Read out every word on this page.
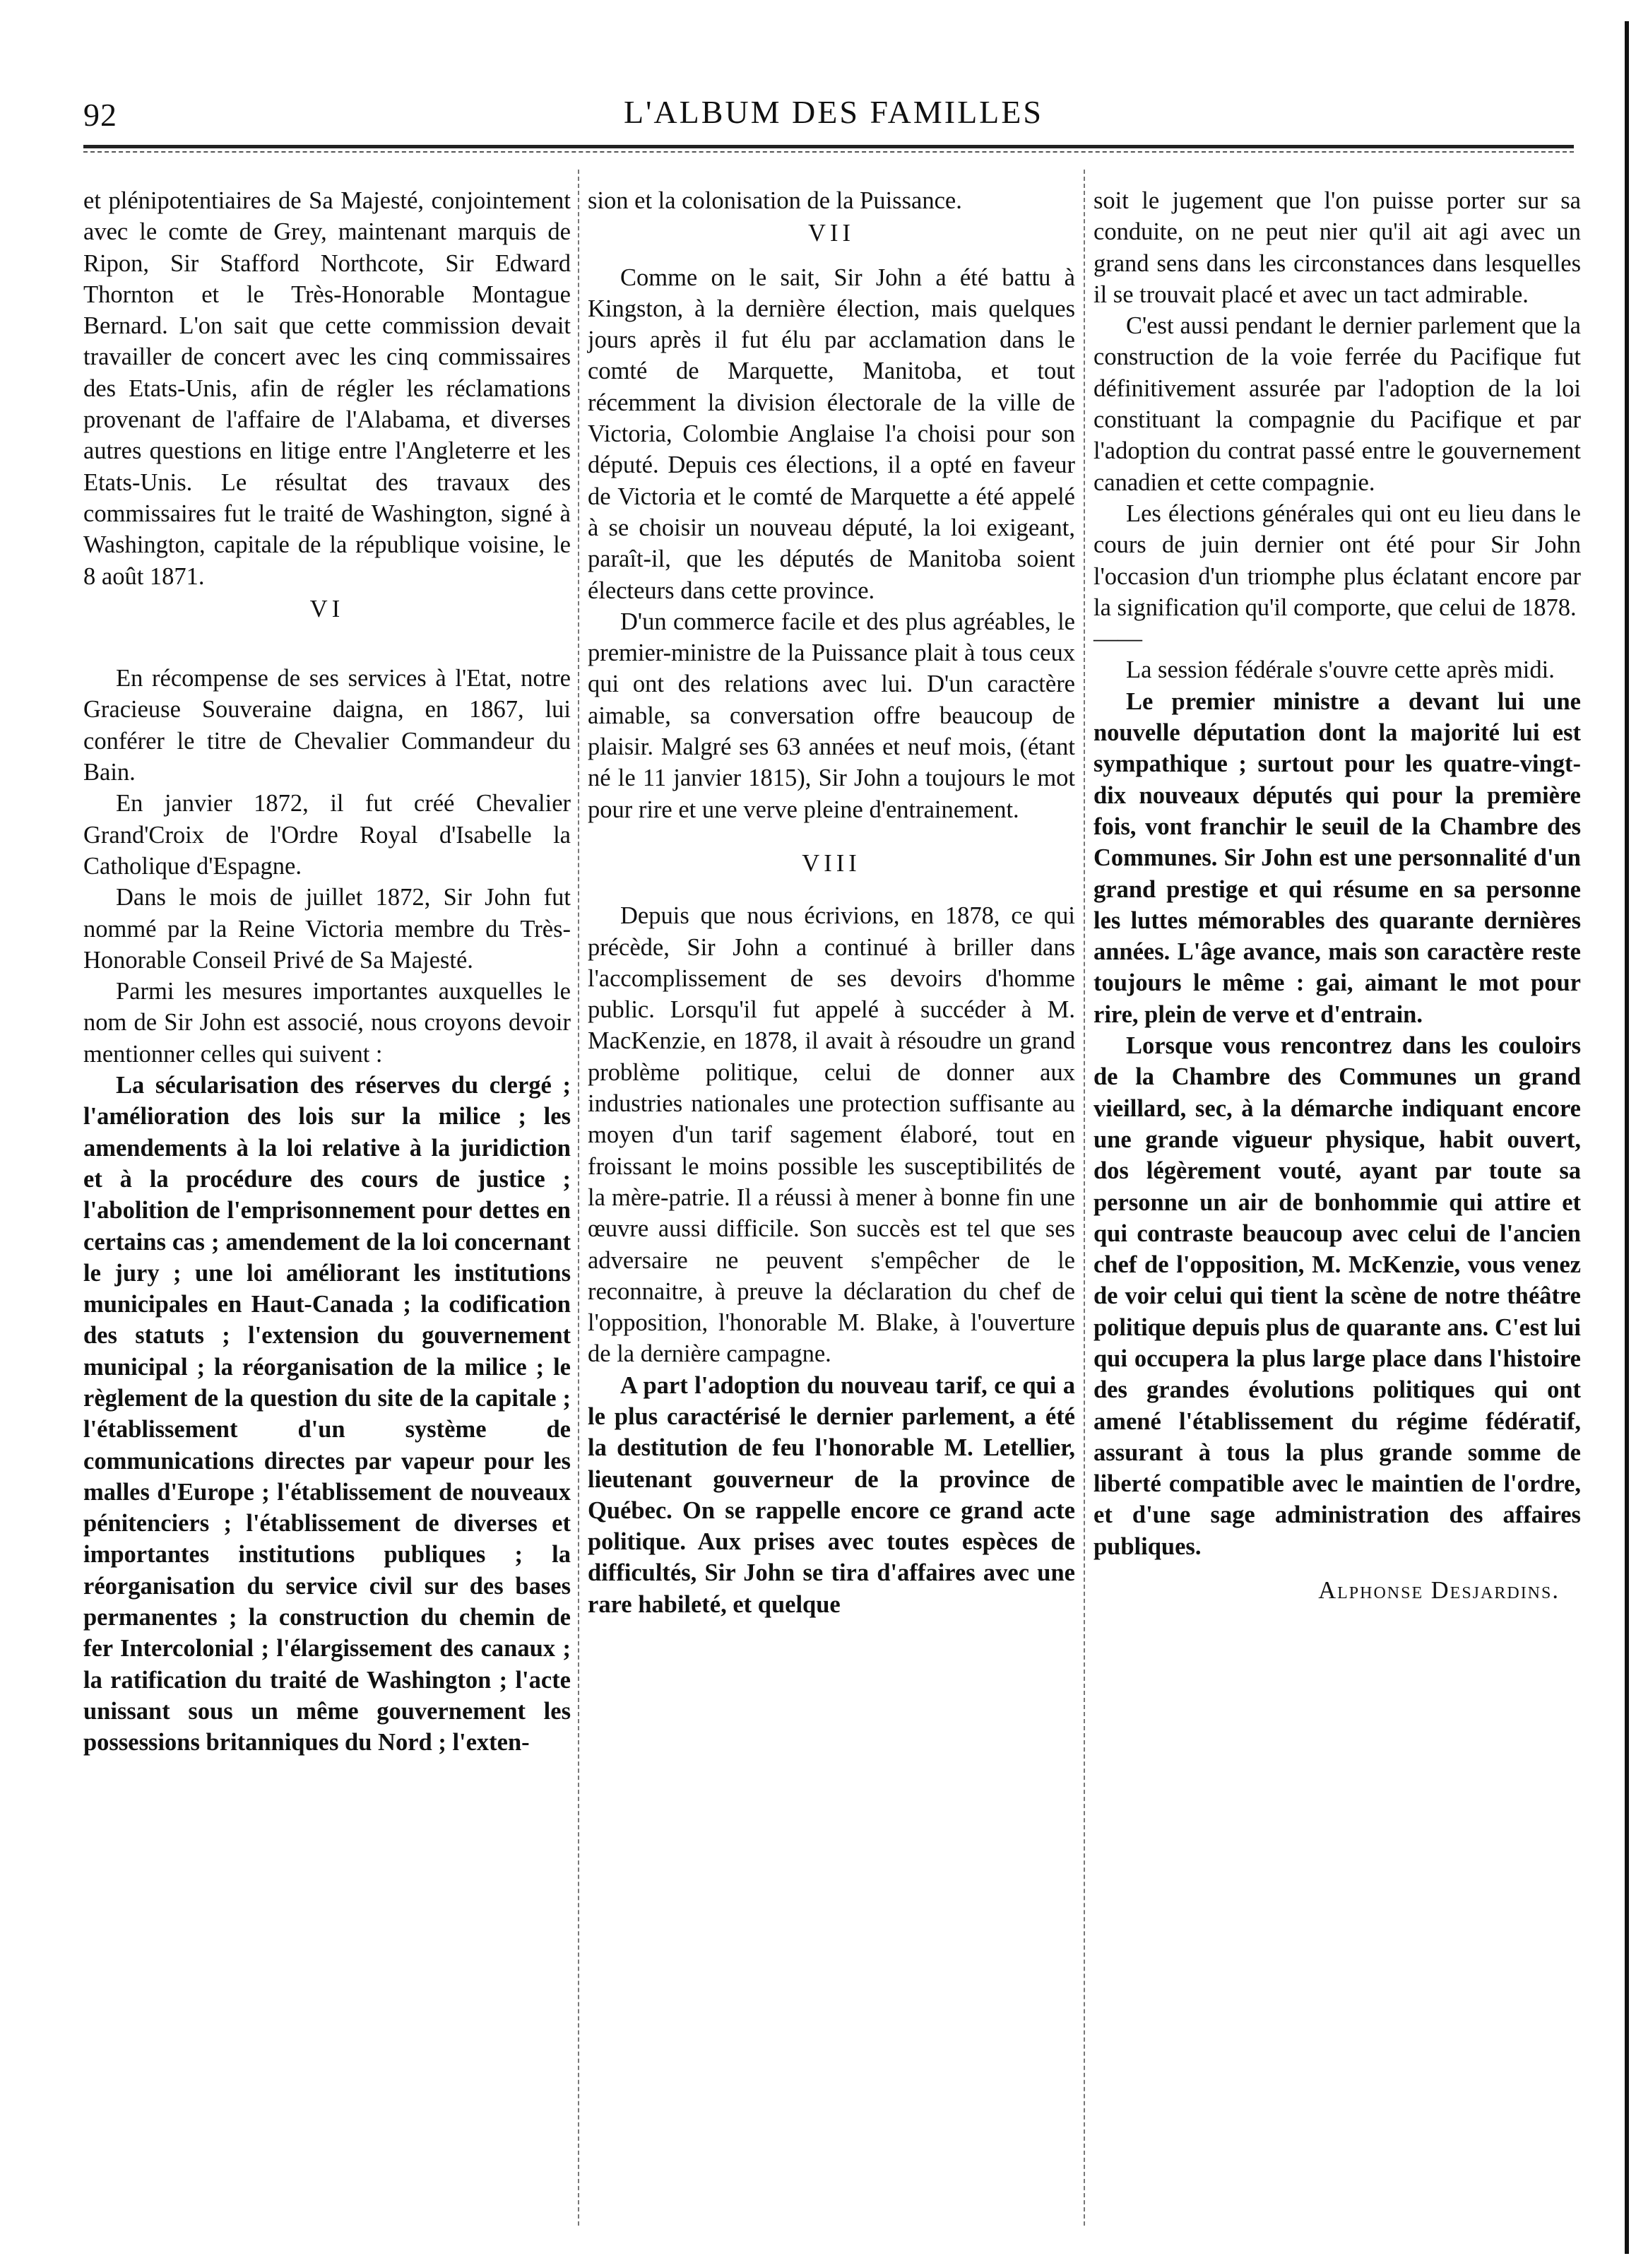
92	L'ALBUM DES FAMILLES

et plénipotentiaires de Sa Majesté, conjointement avec le comte de Grey, maintenant marquis de Ripon, Sir Stafford Northcote, Sir Edward Thornton et le Très-Honorable Montague Bernard. L'on sait que cette commission devait travailler de concert avec les cinq commissaires des Etats-Unis, afin de régler les réclamations provenant de l'affaire de l'Alabama, et diverses autres questions en litige entre l'Angleterre et les Etats-Unis. Le résultat des travaux des commissaires fut le traité de Washington, signé à Washington, capitale de la république voisine, le 8 août 1871.

VI

En récompense de ses services à l'Etat, notre Gracieuse Souveraine daigna, en 1867, lui conférer le titre de Chevalier Commandeur du Bain.

En janvier 1872, il fut créé Chevalier Grand'Croix de l'Ordre Royal d'Isabelle la Catholique d'Espagne.

Dans le mois de juillet 1872, Sir John fut nommé par la Reine Victoria membre du Très-Honorable Conseil Privé de Sa Majesté.

Parmi les mesures importantes auxquelles le nom de Sir John est associé, nous croyons devoir mentionner celles qui suivent :

La sécularisation des réserves du clergé ; l'amélioration des lois sur la milice ; les amendements à la loi relative à la juridiction et à la procédure des cours de justice ; l'abolition de l'emprisonnement pour dettes en certains cas ; amendement de la loi concernant le jury ; une loi améliorant les institutions municipales en Haut-Canada ; la codification des statuts ; l'extension du gouvernement municipal ; la réorganisation de la milice ; le règlement de la question du site de la capitale ; l'établissement d'un système de communications directes par vapeur pour les malles d'Europe ; l'établissement de nouveaux pénitenciers ; l'établissement de diverses et importantes institutions publiques ; la réorganisation du service civil sur des bases permanentes ; la construction du chemin de fer Intercolonial ; l'élargissement des canaux ; la ratification du traité de Washington ; l'acte unissant sous un même gouvernement les possessions britanniques du Nord ; l'exten-

sion et la colonisation de la Puissance.

VII

Comme on le sait, Sir John a été battu à Kingston, à la dernière élection, mais quelques jours après il fut élu par acclamation dans le comté de Marquette, Manitoba, et tout récemment la division électorale de la ville de Victoria, Colombie Anglaise l'a choisi pour son député. Depuis ces élections, il a opté en faveur de Victoria et le comté de Marquette a été appelé à se choisir un nouveau député, la loi exigeant, paraît-il, que les députés de Manitoba soient électeurs dans cette province.

D'un commerce facile et des plus agréables, le premier-ministre de la Puissance plait à tous ceux qui ont des relations avec lui. D'un caractère aimable, sa conversation offre beaucoup de plaisir. Malgré ses 63 années et neuf mois, (étant né le 11 janvier 1815), Sir John a toujours le mot pour rire et une verve pleine d'entrainement.

VIII

Depuis que nous écrivions, en 1878, ce qui précède, Sir John a continué à briller dans l'accomplissement de ses devoirs d'homme public. Lorsqu'il fut appelé à succéder à M. MacKenzie, en 1878, il avait à résoudre un grand problème politique, celui de donner aux industries nationales une protection suffisante au moyen d'un tarif sagement élaboré, tout en froissant le moins possible les susceptibilités de la mère-patrie. Il a réussi à mener à bonne fin une œuvre aussi difficile. Son succès est tel que ses adversaire ne peuvent s'empêcher de le reconnaitre, à preuve la déclaration du chef de l'opposition, l'honorable M. Blake, à l'ouverture de la dernière campagne.

A part l'adoption du nouveau tarif, ce qui a le plus caractérisé le dernier parlement, a été la destitution de feu l'honorable M. Letellier, lieutenant gouverneur de la province de Québec. On se rappelle encore ce grand acte politique. Aux prises avec toutes espèces de difficultés, Sir John se tira d'affaires avec une rare habileté, et quelque

soit le jugement que l'on puisse porter sur sa conduite, on ne peut nier qu'il ait agi avec un grand sens dans les circonstances dans lesquelles il se trouvait placé et avec un tact admirable.

C'est aussi pendant le dernier parlement que la construction de la voie ferrée du Pacifique fut définitivement assurée par l'adoption de la loi constituant la compagnie du Pacifique et par l'adoption du contrat passé entre le gouvernement canadien et cette compagnie.

Les élections générales qui ont eu lieu dans le cours de juin dernier ont été pour Sir John l'occasion d'un triomphe plus éclatant encore par la signification qu'il comporte, que celui de 1878.

——

La session fédérale s'ouvre cette après midi.

Le premier ministre a devant lui une nouvelle députation dont la majorité lui est sympathique ; surtout pour les quatre-vingt-dix nouveaux députés qui pour la première fois, vont franchir le seuil de la Chambre des Communes. Sir John est une personnalité d'un grand prestige et qui résume en sa personne les luttes mémorables des quarante dernières années. L'âge avance, mais son caractère reste toujours le même : gai, aimant le mot pour rire, plein de verve et d'entrain.

Lorsque vous rencontrez dans les couloirs de la Chambre des Communes un grand vieillard, sec, à la démarche indiquant encore une grande vigueur physique, habit ouvert, dos légèrement vouté, ayant par toute sa personne un air de bonhommie qui attire et qui contraste beaucoup avec celui de l'ancien chef de l'opposition, M. McKenzie, vous venez de voir celui qui tient la scène de notre théâtre politique depuis plus de quarante ans. C'est lui qui occupera la plus large place dans l'histoire des grandes évolutions politiques qui ont amené l'établissement du régime fédératif, assurant à tous la plus grande somme de liberté compatible avec le maintien de l'ordre, et d'une sage administration des affaires publiques.

Alphonse Desjardins.
